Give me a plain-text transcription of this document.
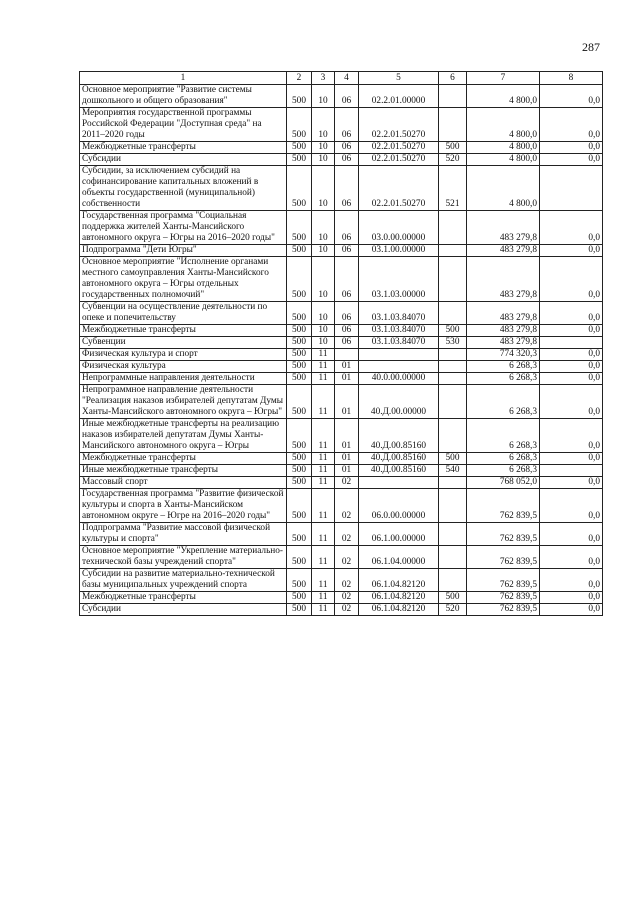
287
1	2	3	4	5	6	7	8
Основное мероприятие "Развитие системы дошкольного и общего образования"	500	10	06	02.2.01.00000		4 800,0	0,0
Мероприятия государственной программы Российской Федерации "Доступная среда" на 2011–2020 годы	500	10	06	02.2.01.50270		4 800,0	0,0
Межбюджетные трансферты	500	10	06	02.2.01.50270	500	4 800,0	0,0
Субсидии	500	10	06	02.2.01.50270	520	4 800,0	0,0
Субсидии, за исключением субсидий на софинансирование капитальных вложений в объекты государственной (муниципальной) собственности	500	10	06	02.2.01.50270	521	4 800,0	
Государственная программа "Социальная поддержка жителей Ханты-Мансийского автономного округа – Югры на 2016–2020 годы"	500	10	06	03.0.00.00000		483 279,8	0,0
Подпрограмма "Дети Югры"	500	10	06	03.1.00.00000		483 279,8	0,0
Основное мероприятие "Исполнение органами местного самоуправления Ханты-Мансийского автономного округа – Югры отдельных государственных полномочий"	500	10	06	03.1.03.00000		483 279,8	0,0
Субвенции на осуществление деятельности по опеке и попечительству	500	10	06	03.1.03.84070		483 279,8	0,0
Межбюджетные трансферты	500	10	06	03.1.03.84070	500	483 279,8	0,0
Субвенции	500	10	06	03.1.03.84070	530	483 279,8	
Физическая культура и спорт	500	11				774 320,3	0,0
Физическая культура	500	11	01			6 268,3	0,0
Непрограммные направления деятельности	500	11	01	40.0.00.00000		6 268,3	0,0
Непрограммное направление деятельности "Реализация наказов избирателей депутатам Думы Ханты-Мансийского автономного округа – Югры"	500	11	01	40.Д.00.00000		6 268,3	0,0
Иные межбюджетные трансферты на реализацию наказов избирателей депутатам Думы Ханты-Мансийского автономного округа – Югры	500	11	01	40.Д.00.85160		6 268,3	0,0
Межбюджетные трансферты	500	11	01	40.Д.00.85160	500	6 268,3	0,0
Иные межбюджетные трансферты	500	11	01	40.Д.00.85160	540	6 268,3	
Массовый спорт	500	11	02			768 052,0	0,0
Государственная программа "Развитие физической культуры и спорта в Ханты-Мансийском автономном округе – Югре на 2016–2020 годы"	500	11	02	06.0.00.00000		762 839,5	0,0
Подпрограмма "Развитие массовой физической культуры и спорта"	500	11	02	06.1.00.00000		762 839,5	0,0
Основное мероприятие "Укрепление материально-технической базы учреждений спорта"	500	11	02	06.1.04.00000		762 839,5	0,0
Субсидии на развитие материально-технической базы муниципальных учреждений спорта	500	11	02	06.1.04.82120		762 839,5	0,0
Межбюджетные трансферты	500	11	02	06.1.04.82120	500	762 839,5	0,0
Субсидии	500	11	02	06.1.04.82120	520	762 839,5	0,0
